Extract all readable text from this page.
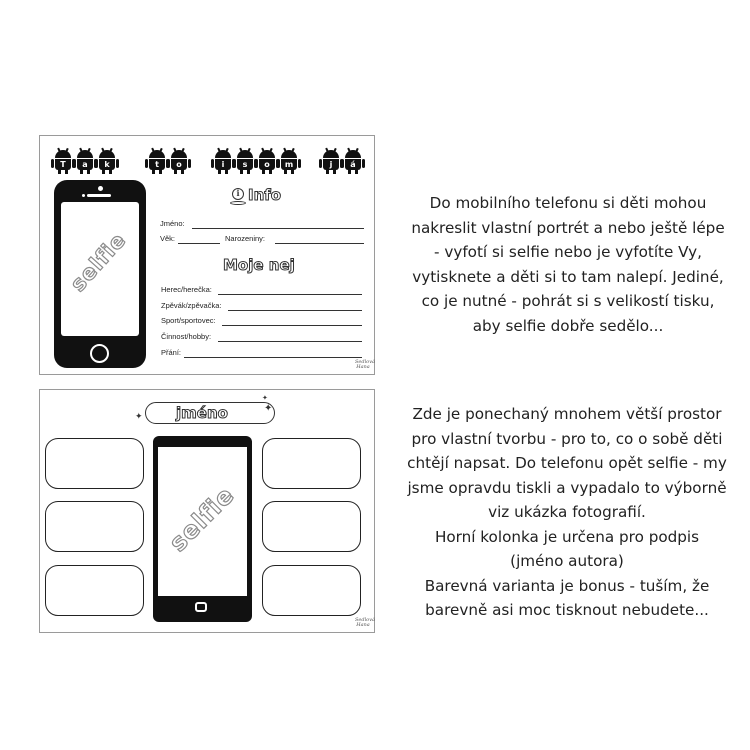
T	a	k	t	o	i	s	o	m	j	á
selfie
i Info
Jméno:
Věk:	Narozeniny:
Moje nej
Herec/herečka:
Zpěvák/zpěvačka:
Sport/sportovec:
Činnost/hobby:
Přání:
Sedlová Hana
jméno
✦
✦
✦
selfie
Sedlová Hana

Do mobilního telefonu si děti mohou

nakreslit vlastní portrét a nebo ještě lépe

- vyfotí si selfie nebo je vyfotíte Vy,

vytisknete a děti si to tam nalepí. Jediné,

co je nutné - pohrát si s velikostí tisku,

aby selfie dobře sedělo...

Zde je ponechaný mnohem větší prostor

pro vlastní tvorbu - pro to, co o sobě děti

chtějí napsat. Do telefonu opět selfie - my

jsme opravdu tiskli a vypadalo to výborně

viz ukázka fotografií.

Horní kolonka je určena pro podpis

(jméno autora)

Barevná varianta je bonus - tuším, že

barevně asi moc tisknout nebudete...
